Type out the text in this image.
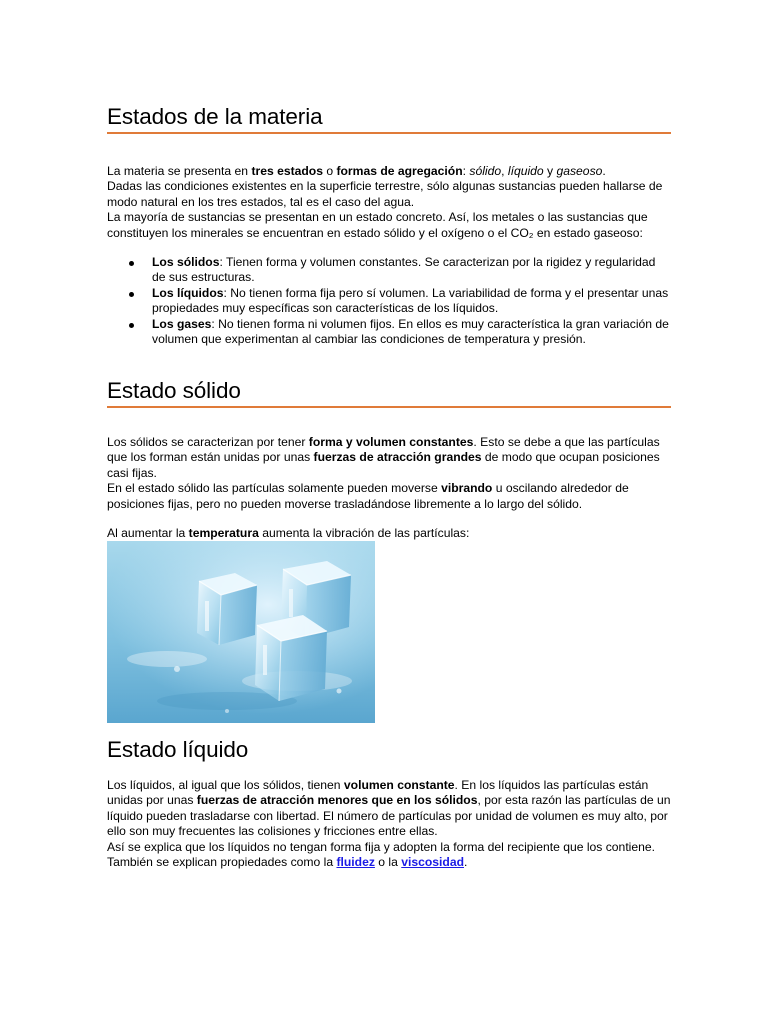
Estados de la materia

La materia se presenta en tres estados o formas de agregación: sólido, líquido y gaseoso.
Dadas las condiciones existentes en la superficie terrestre, sólo algunas sustancias pueden hallarse de modo natural en los tres estados, tal es el caso del agua.
La mayoría de sustancias se presentan en un estado concreto. Así, los metales o las sustancias que constituyen los minerales se encuentran en estado sólido y el oxígeno o el CO₂ en estado gaseoso:

Los sólidos: Tienen forma y volumen constantes. Se caracterizan por la rigidez y regularidad de sus estructuras.
Los líquidos: No tienen forma fija pero sí volumen. La variabilidad de forma y el presentar unas propiedades muy específicas son características de los líquidos.
Los gases: No tienen forma ni volumen fijos. En ellos es muy característica la gran variación de volumen que experimentan al cambiar las condiciones de temperatura y presión.
Estado sólido

Los sólidos se caracterizan por tener forma y volumen constantes. Esto se debe a que las partículas que los forman están unidas por unas fuerzas de atracción grandes de modo que ocupan posiciones casi fijas.
En el estado sólido las partículas solamente pueden moverse vibrando u oscilando alrededor de posiciones fijas, pero no pueden moverse trasladándose libremente a lo largo del sólido.

Al aumentar la temperatura aumenta la vibración de las partículas:

Estado líquido

Los líquidos, al igual que los sólidos, tienen volumen constante. En los líquidos las partículas están unidas por unas fuerzas de atracción menores que en los sólidos, por esta razón las partículas de un líquido pueden trasladarse con libertad. El número de partículas por unidad de volumen es muy alto, por ello son muy frecuentes las colisiones y fricciones entre ellas.
Así se explica que los líquidos no tengan forma fija y adopten la forma del recipiente que los contiene. También se explican propiedades como la fluidez o la viscosidad.
